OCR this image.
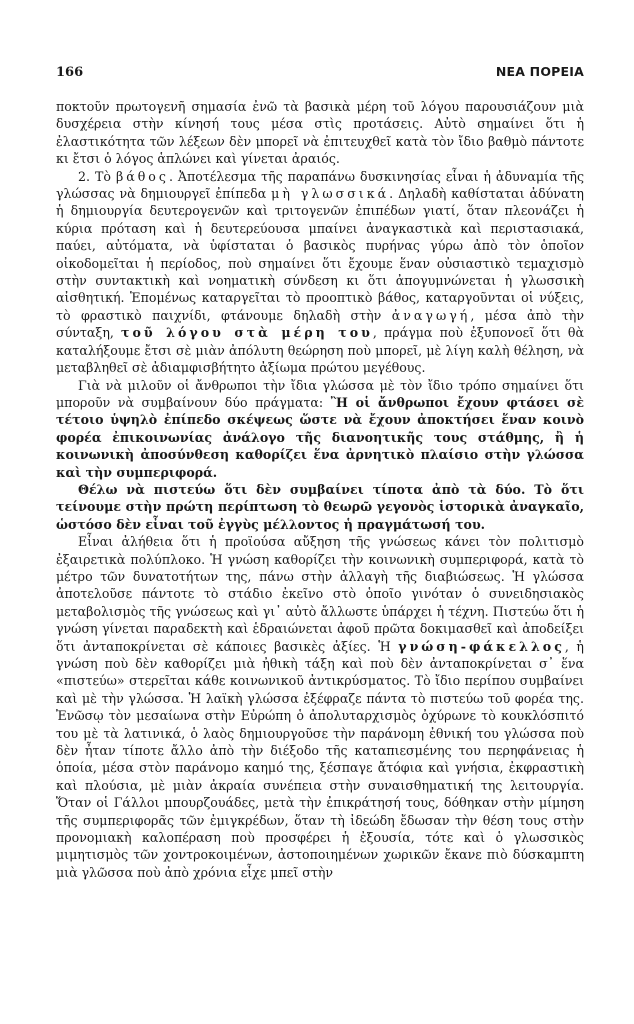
166	ΝΕΑ ΠΟΡΕΙΑ

ποκτοῦν πρωτογενῆ σημασία ἐνῶ τὰ βασικὰ μέρη τοῦ λόγου παρουσιάζουν μιὰ δυσχέρεια στὴν κίνησή τους μέσα στὶς προτάσεις. Αὐτὸ σημαίνει ὅτι ἡ ἐλαστικότητα τῶν λέξεων δὲν μπορεῖ νὰ ἐπιτευχθεῖ κατὰ τὸν ἴδιο βαθμὸ πάντοτε κι ἔτσι ὁ λόγος ἁπλώνει καὶ γίνεται ἀραιός.

2. Τὸ βάθος. Ἀποτέλεσμα τῆς παραπάνω δυσκινησίας εἶναι ἡ ἀδυναμία τῆς γλώσσας νὰ δημιουργεῖ ἐπίπεδα μὴ γλωσσικά. Δηλαδὴ καθίσταται ἀδύνατη ἡ δημιουργία δευτερογενῶν καὶ τριτογενῶν ἐπιπέδων γιατί, ὅταν πλεονάζει ἡ κύρια πρόταση καὶ ἡ δευτερεύουσα μπαίνει ἀναγκαστικὰ καὶ περιστασιακά, παύει, αὐτόματα, νὰ ὑφίσταται ὁ βασικὸς πυρήνας γύρω ἀπὸ τὸν ὁποῖον οἰκοδομεῖται ἡ περίοδος, ποὺ σημαίνει ὅτι ἔχουμε ἕναν οὐσιαστικὸ τεμαχισμὸ στὴν συντακτικὴ καὶ νοηματικὴ σύνδεση κι ὅτι ἀπογυμνώνεται ἡ γλωσσικὴ αἰσθητική. Ἑπομένως καταργεῖται τὸ προοπτικὸ βάθος, καταργοῦνται οἱ νύξεις, τὸ φραστικὸ παιχνίδι, φτάνουμε δηλαδὴ στὴν ἀναγωγή, μέσα ἀπὸ τὴν σύνταξη, τοῦ λόγου στὰ μέρη του, πράγμα ποὺ ἐξυπονοεῖ ὅτι θὰ καταλήξουμε ἔτσι σὲ μιὰν ἀπόλυτη θεώρηση ποὺ μπορεῖ, μὲ λίγη καλὴ θέληση, νὰ μεταβληθεῖ σὲ ἀδιαμφισβήτητο ἀξίωμα πρώτου μεγέθους.

Γιὰ νὰ μιλοῦν οἱ ἄνθρωποι τὴν ἴδια γλώσσα μὲ τὸν ἴδιο τρόπο σημαίνει ὅτι μποροῦν νὰ συμβαίνουν δύο πράγματα: Ἢ οἱ ἄνθρωποι ἔχουν φτάσει σὲ τέτοιο ὑψηλὸ ἐπίπεδο σκέψεως ὥστε νὰ ἔχουν ἀποκτήσει ἕναν κοινὸ φορέα ἐπικοινωνίας ἀνάλογο τῆς διανοητικῆς τους στάθμης, ἢ ἡ κοινωνικὴ ἀποσύνθεση καθορίζει ἕνα ἀρνητικὸ πλαίσιο στὴν γλώσσα καὶ τὴν συμπεριφορά.

Θέλω νὰ πιστεύω ὅτι δὲν συμβαίνει τίποτα ἀπὸ τὰ δύο. Τὸ ὅτι τείνουμε στὴν πρώτη περίπτωση τὸ θεωρῶ γεγονὸς ἱστορικὰ ἀναγκαῖο, ὡστόσο δὲν εἶναι τοῦ ἐγγὺς μέλλοντος ἡ πραγμάτωσή του.

Εἶναι ἀλήθεια ὅτι ἡ προϊούσα αὔξηση τῆς γνώσεως κάνει τὸν πολιτισμὸ ἐξαιρετικὰ πολύπλοκο. Ἡ γνώση καθορίζει τὴν κοινωνικὴ συμπεριφορά, κατὰ τὸ μέτρο τῶν δυνατοτήτων της, πάνω στὴν ἀλλαγὴ τῆς διαβιώσεως. Ἡ γλώσσα ἀποτελοῦσε πάντοτε τὸ στάδιο ἐκεῖνο στὸ ὁποῖο γινόταν ὁ συνειδησιακὸς μεταβολισμὸς τῆς γνώσεως καὶ γι᾿ αὐτὸ ἄλλωστε ὑπάρχει ἡ τέχνη. Πιστεύω ὅτι ἡ γνώση γίνεται παραδεκτὴ καὶ ἑδραιώνεται ἀφοῦ πρῶτα δοκιμασθεῖ καὶ ἀποδείξει ὅτι ἀνταποκρίνεται σὲ κάποιες βασικὲς ἀξίες. Ἡ γνώση-φάκελλος, ἡ γνώση ποὺ δὲν καθορίζει μιὰ ἠθικὴ τάξη καὶ ποὺ δὲν ἀνταποκρίνεται σ᾿ ἕνα «πιστεύω» στερεῖται κάθε κοινωνικοῦ ἀντικρύσματος. Τὸ ἴδιο περίπου συμβαίνει καὶ μὲ τὴν γλώσσα. Ἡ λαϊκὴ γλώσσα ἐξέφραζε πάντα τὸ πιστεύω τοῦ φορέα της. Ἐνῶσῳ τὸν μεσαίωνα στὴν Εὐρώπη ὁ ἀπολυταρχισμὸς ὀχύρωνε τὸ κουκλόσπιτό του μὲ τὰ λατινικά, ὁ λαὸς δημιουργοῦσε τὴν παράνομη ἐθνική του γλώσσα ποὺ δὲν ἦταν τίποτε ἄλλο ἀπὸ τὴν διέξοδο τῆς καταπιεσμένης του περηφάνειας ἡ ὁποία, μέσα στὸν παράνομο καημό της, ξέσπαγε ἄτόφια καὶ γνήσια, ἐκφραστικὴ καὶ πλούσια, μὲ μιὰν ἀκραία συνέπεια στὴν συναισθηματική της λειτουργία. Ὅταν οἱ Γάλλοι μπουρζουάδες, μετὰ τὴν ἐπικράτησή τους, δόθηκαν στὴν μίμηση τῆς συμπεριφορᾶς τῶν ἐμιγκρέδων, ὅταν τὴ ἰδεώδη ἔδωσαν τὴν θέση τους στὴν προνομιακὴ καλοπέραση ποὺ προσφέρει ἡ ἐξουσία, τότε καὶ ὁ γλωσσικὸς μιμητισμὸς τῶν χοντροκοιμένων, ἀστοποιημένων χωρικῶν ἔκανε πιὸ δύσκαμπτη μιὰ γλῶσσα ποὺ ἀπὸ χρόνια εἶχε μπεῖ στὴν
